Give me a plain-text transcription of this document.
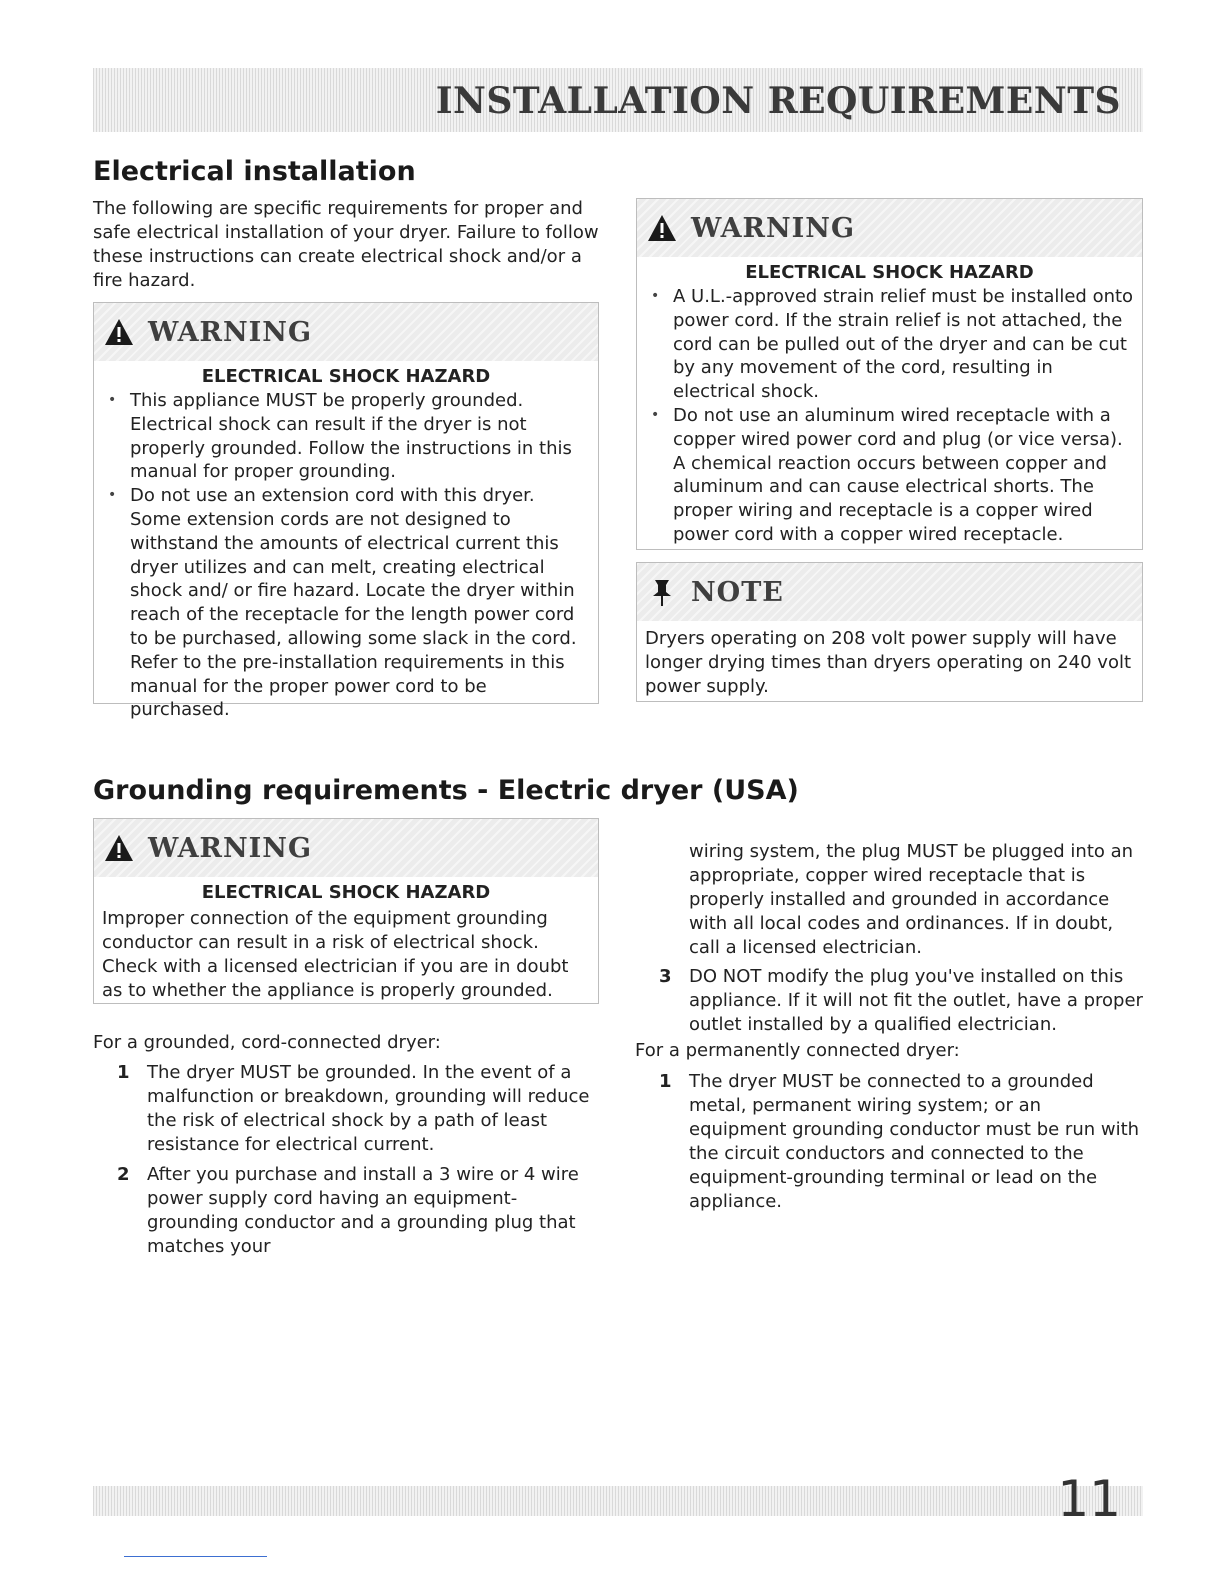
INSTALLATION REQUIREMENTS
Electrical installation

The following are specific requirements for proper and safe electrical installation of your dryer. Failure to follow these instructions can create electrical shock and/or a fire hazard.

WARNING

ELECTRICAL SHOCK HAZARD

• This appliance MUST be properly grounded. Electrical shock can result if the dryer is not properly grounded. Follow the instructions in this manual for proper grounding.
• Do not use an extension cord with this dryer. Some extension cords are not designed to withstand the amounts of electrical current this dryer utilizes and can melt, creating electrical shock and/ or fire hazard. Locate the dryer within reach of the receptacle for the length power cord to be purchased, allowing some slack in the cord. Refer to the pre-installation requirements in this manual for the proper power cord to be purchased.
WARNING

ELECTRICAL SHOCK HAZARD

• A U.L.-approved strain relief must be installed onto power cord. If the strain relief is not attached, the cord can be pulled out of the dryer and can be cut by any movement of the cord, resulting in electrical shock.
• Do not use an aluminum wired receptacle with a copper wired power cord and plug (or vice versa). A chemical reaction occurs between copper and aluminum and can cause electrical shorts. The proper wiring and receptacle is a copper wired power cord with a copper wired receptacle.
NOTE

Dryers operating on 208 volt power supply will have longer drying times than dryers operating on 240 volt power supply.

Grounding requirements - Electric dryer (USA)
WARNING

ELECTRICAL SHOCK HAZARD

Improper connection of the equipment grounding conductor can result in a risk of electrical shock. Check with a licensed electrician if you are in doubt as to whether the appliance is properly grounded.

For a grounded, cord-connected dryer:

1 The dryer MUST be grounded. In the event of a malfunction or breakdown, grounding will reduce the risk of electrical shock by a path of least resistance for electrical current.
2 After you purchase and install a 3 wire or 4 wire power supply cord having an equipment-grounding conductor and a grounding plug that matches your

wiring system, the plug MUST be plugged into an appropriate, copper wired receptacle that is properly installed and grounded in accordance with all local codes and ordinances. If in doubt, call a licensed electrician.

3 DO NOT modify the plug you've installed on this appliance. If it will not fit the outlet, have a proper outlet installed by a qualified electrician.

For a permanently connected dryer:

1 The dryer MUST be connected to a grounded metal, permanent wiring system; or an equipment grounding conductor must be run with the circuit conductors and connected to the equipment-grounding terminal or lead on the appliance.
11
